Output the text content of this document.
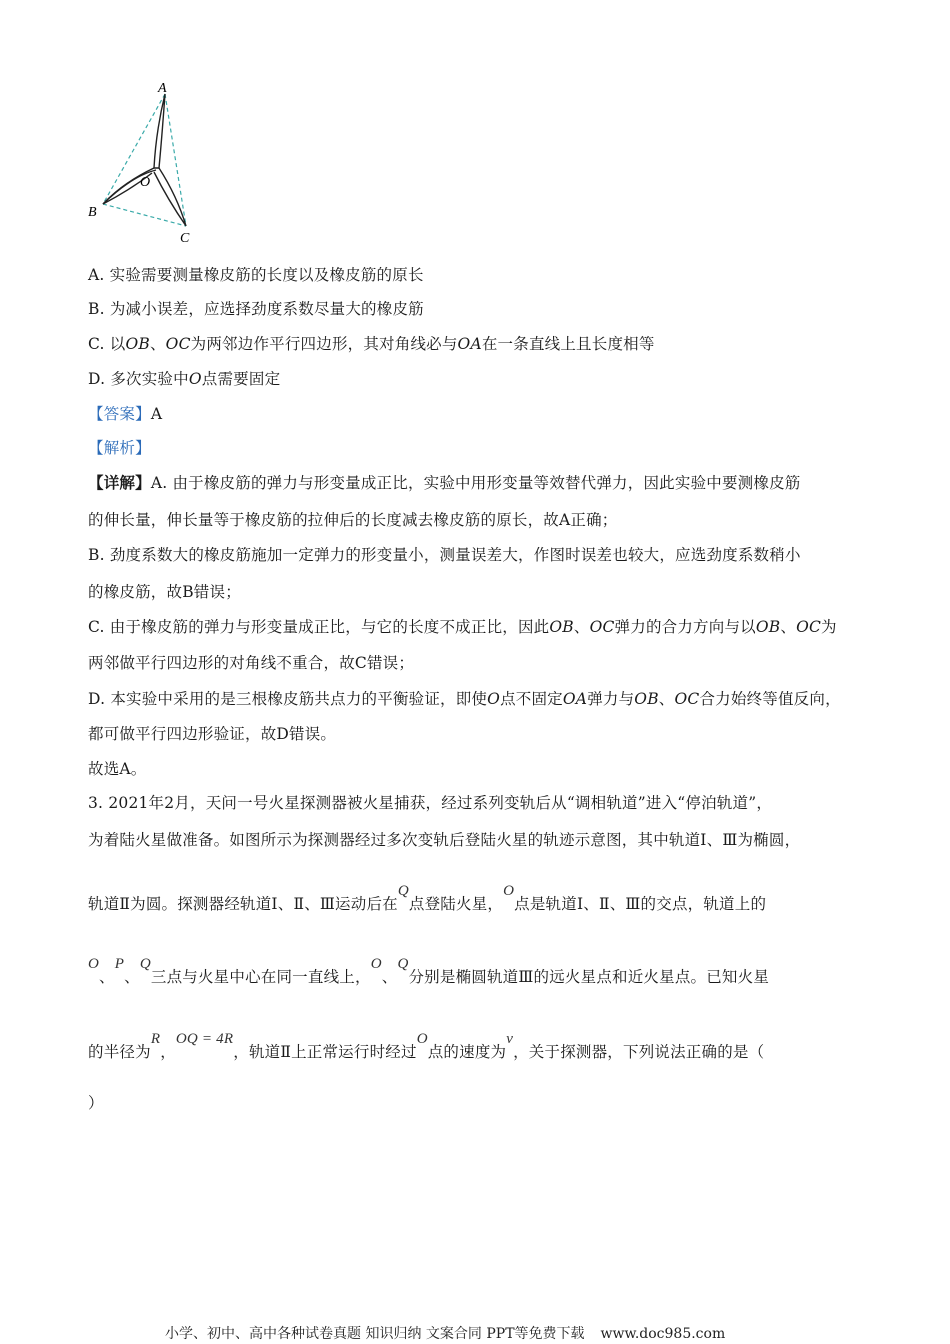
A
O
B
C
A. 实验需要测量橡皮筋的长度以及橡皮筋的原长
B. 为减小误差，应选择劲度系数尽量大的橡皮筋
C. 以OB、OC为两邻边作平行四边形，其对角线必与OA在一条直线上且长度相等
D. 多次实验中O点需要固定
【答案】A
【解析】
【详解】A. 由于橡皮筋的弹力与形变量成正比，实验中用形变量等效替代弹力，因此实验中要测橡皮筋
的伸长量，伸长量等于橡皮筋的拉伸后的长度减去橡皮筋的原长，故A正确；
B. 劲度系数大的橡皮筋施加一定弹力的形变量小，测量误差大，作图时误差也较大，应选劲度系数稍小
的橡皮筋，故B错误；
C. 由于橡皮筋的弹力与形变量成正比，与它的长度不成正比，因此OB、OC弹力的合力方向与以OB、OC为
两邻做平行四边形的对角线不重合，故C错误；
D. 本实验中采用的是三根橡皮筋共点力的平衡验证，即使O点不固定OA弹力与OB、OC合力始终等值反向，
都可做平行四边形验证，故D错误。
故选A。
3. 2021年2月，天问一号火星探测器被火星捕获，经过系列变轨后从“调相轨道”进入“停泊轨道”，
为着陆火星做准备。如图所示为探测器经过多次变轨后登陆火星的轨迹示意图，其中轨道Ⅰ、Ⅲ为椭圆，
轨道Ⅱ为圆。探测器经轨道Ⅰ、Ⅱ、Ⅲ运动后在Q点登陆火星，O点是轨道Ⅰ、Ⅱ、Ⅲ的交点，轨道上的
O、P、Q三点与火星中心在同一直线上，O、Q分别是椭圆轨道Ⅲ的远火星点和近火星点。已知火星
的半径为R，OQ = 4R，轨道Ⅱ上正常运行时经过O点的速度为v，关于探测器，下列说法正确的是（
）
小学、初中、高中各种试卷真题 知识归纳 文案合同 PPT等免费下载 www.doc985.com
